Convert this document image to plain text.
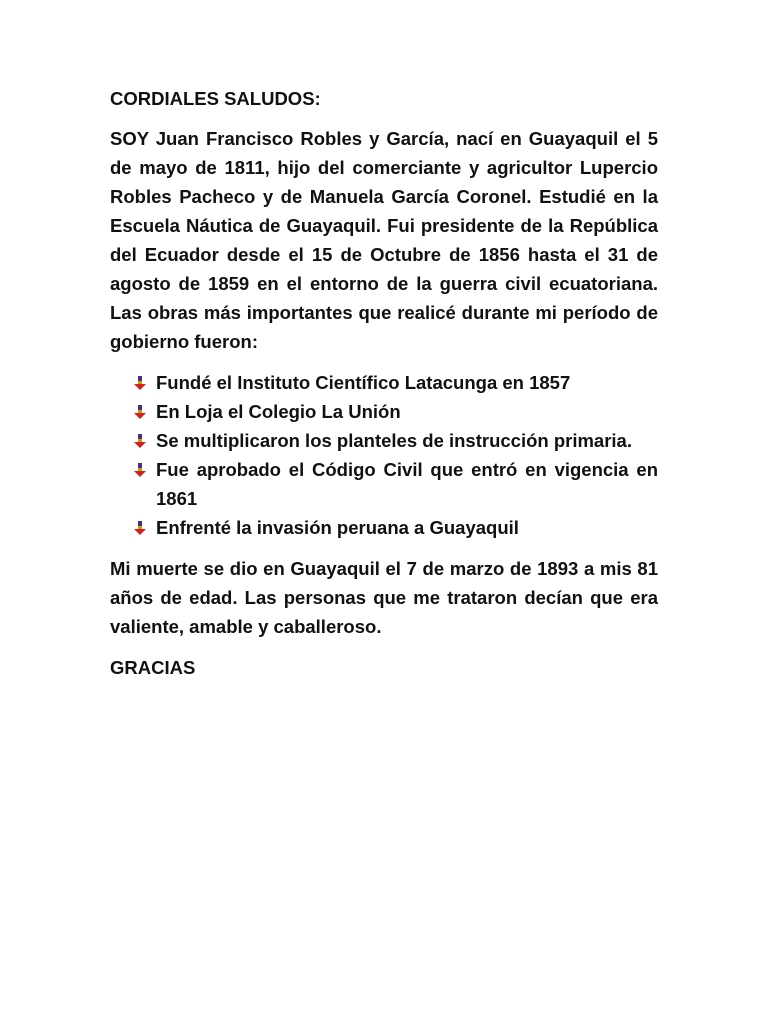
CORDIALES SALUDOS:

SOY Juan Francisco Robles y García, nací en Guayaquil el 5 de mayo de 1811, hijo del comerciante y agricultor Lupercio Robles Pacheco y de Manuela García Coronel. Estudié en la Escuela Náutica de Guayaquil. Fui presidente de la República del Ecuador desde el 15 de Octubre de 1856 hasta el 31 de agosto de 1859 en el entorno de la guerra civil ecuatoriana. Las obras más importantes que realicé durante mi período de gobierno fueron:

Fundé el Instituto Científico Latacunga en 1857
En Loja el Colegio La Unión
Se multiplicaron los planteles de instrucción primaria.
Fue aprobado el Código Civil que entró en vigencia en 1861
Enfrenté la invasión peruana a Guayaquil

Mi muerte se dio en Guayaquil el 7 de marzo de 1893 a mis 81 años de edad. Las personas que me trataron decían que era valiente, amable y caballeroso.

GRACIAS
